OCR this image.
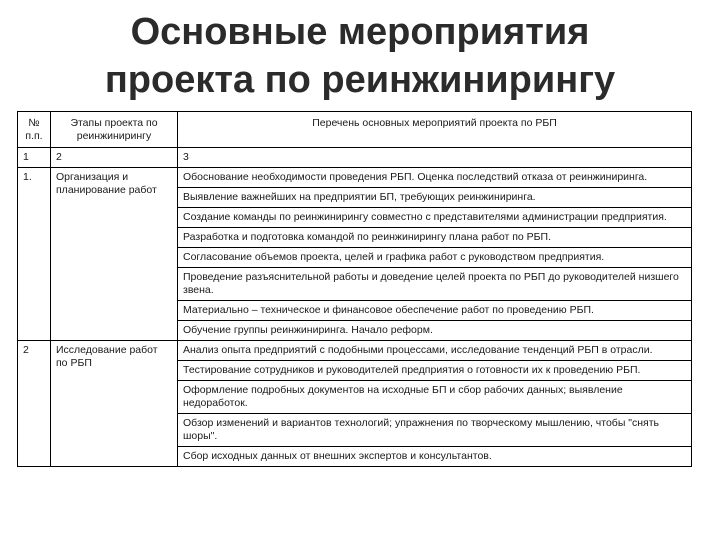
Основные мероприятия
проекта по реинжинирингу
№ п.п.	Этапы проекта по реинжинирингу	Перечень основных мероприятий проекта по РБП
1	2	3
1.	Организация и планирование работ	Обоснование необходимости проведения РБП. Оценка последствий отказа от реинжиниринга.
		Выявление важнейших на предприятии БП, требующих реинжиниринга.
		Создание команды по реинжинирингу совместно с представителями администрации предприятия.
		Разработка и подготовка командой по реинжинирингу плана работ по РБП.
		Согласование объемов проекта, целей и графика работ с руководством предприятия.
		Проведение разъяснительной работы и доведение целей проекта по РБП до руководителей низшего звена.
		Материально – техническое и финансовое обеспечение работ по проведению РБП.
		Обучение группы реинжиниринга. Начало реформ.
2	Исследование работ по РБП	Анализ опыта предприятий с подобными процессами, исследование тенденций РБП в отрасли.
		Тестирование сотрудников и руководителей предприятия о готовности их к проведению РБП.
		Оформление подробных документов на исходные БП и сбор рабочих данных; выявление недоработок.
		Обзор изменений и вариантов технологий; упражнения по творческому мышлению, чтобы "снять шоры".
		Сбор исходных данных от внешних экспертов и консультантов.
